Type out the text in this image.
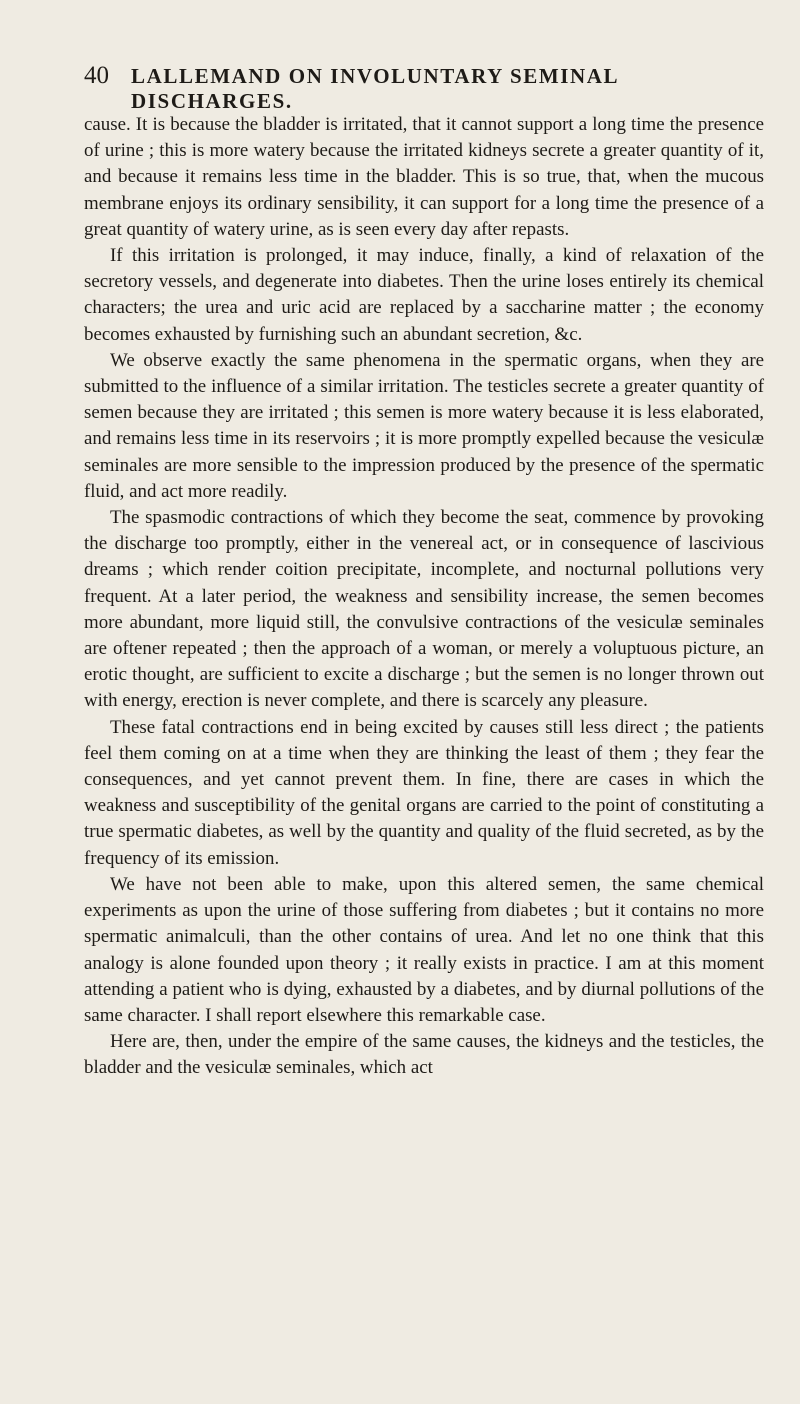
40 LALLEMAND ON INVOLUNTARY SEMINAL DISCHARGES.

cause. It is because the bladder is irritated, that it cannot support a long time the presence of urine ; this is more watery because the irritated kidneys secrete a greater quantity of it, and because it remains less time in the bladder. This is so true, that, when the mucous membrane enjoys its ordinary sensibility, it can support for a long time the presence of a great quantity of watery urine, as is seen every day after repasts.

If this irritation is prolonged, it may induce, finally, a kind of relaxation of the secretory vessels, and degenerate into diabetes. Then the urine loses entirely its chemical characters; the urea and uric acid are replaced by a saccharine matter ; the economy becomes exhausted by furnishing such an abundant secretion, &c.

We observe exactly the same phenomena in the spermatic organs, when they are submitted to the influence of a similar irritation. The testicles secrete a greater quantity of semen because they are irritated ; this semen is more watery because it is less elaborated, and remains less time in its reservoirs ; it is more promptly expelled because the vesiculæ seminales are more sensible to the impression produced by the presence of the spermatic fluid, and act more readily.

The spasmodic contractions of which they become the seat, commence by provoking the discharge too promptly, either in the venereal act, or in consequence of lascivious dreams ; which render coition precipitate, incomplete, and nocturnal pollutions very frequent. At a later period, the weakness and sensibility increase, the semen becomes more abundant, more liquid still, the convulsive contractions of the vesiculæ seminales are oftener repeated ; then the approach of a woman, or merely a voluptuous picture, an erotic thought, are sufficient to excite a discharge ; but the semen is no longer thrown out with energy, erection is never complete, and there is scarcely any pleasure.

These fatal contractions end in being excited by causes still less direct ; the patients feel them coming on at a time when they are thinking the least of them ; they fear the consequences, and yet cannot prevent them. In fine, there are cases in which the weakness and susceptibility of the genital organs are carried to the point of constituting a true spermatic diabetes, as well by the quantity and quality of the fluid secreted, as by the frequency of its emission.

We have not been able to make, upon this altered semen, the same chemical experiments as upon the urine of those suffering from diabetes ; but it contains no more spermatic animalculi, than the other contains of urea. And let no one think that this analogy is alone founded upon theory ; it really exists in practice. I am at this moment attending a patient who is dying, exhausted by a diabetes, and by diurnal pollutions of the same character. I shall report elsewhere this remarkable case.

Here are, then, under the empire of the same causes, the kidneys and the testicles, the bladder and the vesiculæ seminales, which act
